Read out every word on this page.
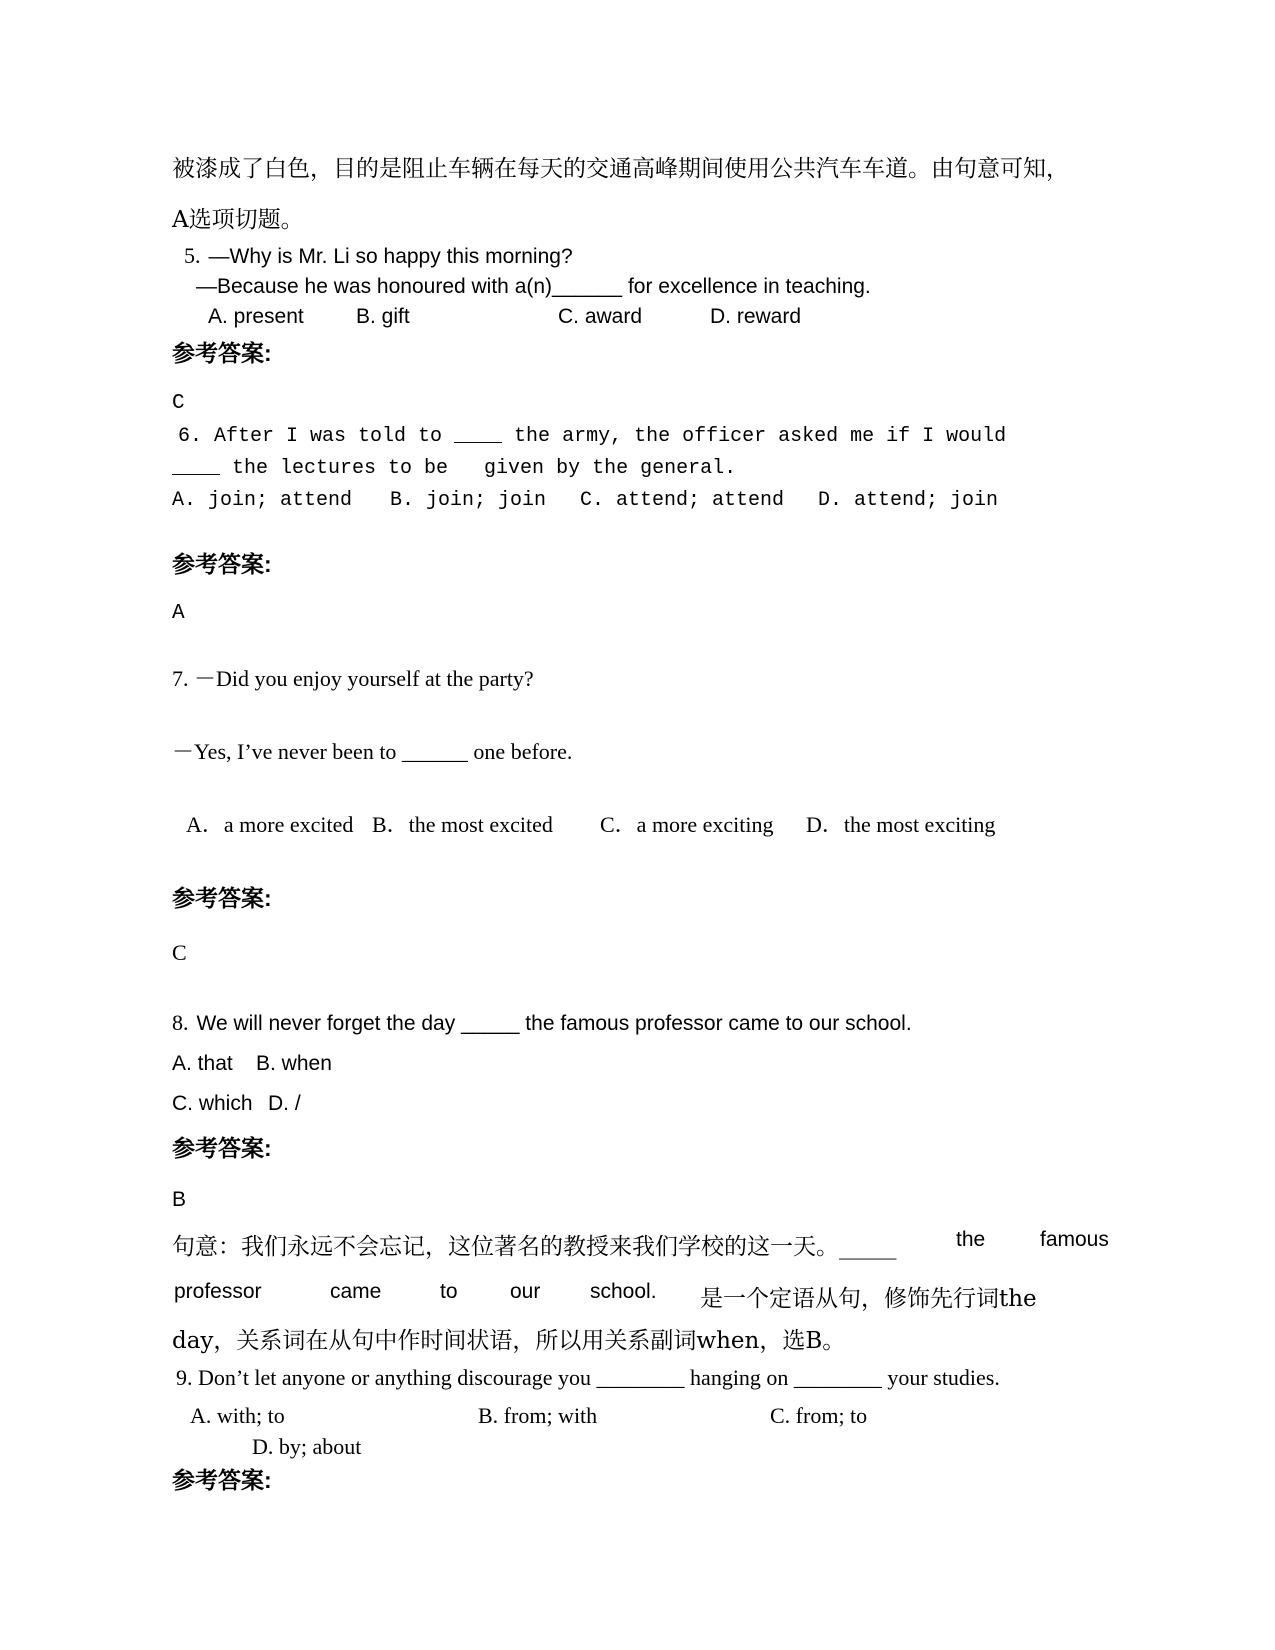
被漆成了白色，目的是阻止车辆在每天的交通高峰期间使用公共汽车车道。由句意可知，
A选项切题。
5. —Why is Mr. Li so happy this morning?
—Because he was honoured with a(n)______ for excellence in teaching.

A. present

B. gift

	C. award

	D. reward

参考答案:
C
6. After I was told to ____ the army, the officer asked me if I would
____ the lectures to be   given by the general.

A. join; attend

B. join; join

C. attend; attend

D. attend; join

参考答案:
A
7. －Did you enjoy yourself at the party?
－Yes, I’ve never been to ______ one before.

A．a more excited

B．the most excited

C．a more exciting

D．the most exciting

参考答案:
C
8. We will never forget the day _____ the famous professor came to our school.

A. that

B. when

C. which

D. /

参考答案:
B

句意：我们永远不会忘记，这位著名的教授来我们学校的这一天。_____

	the

	famous

professor

	came

	to

our

school.

是一个定语从句，修饰先行词the

day，关系词在从句中作时间状语，所以用关系副词when，选B。
9. Don’t let anyone or anything discourage you ________ hanging on ________ your studies.

A. with; to

	B. from; with

	C. from; to

D. by; about
参考答案:
